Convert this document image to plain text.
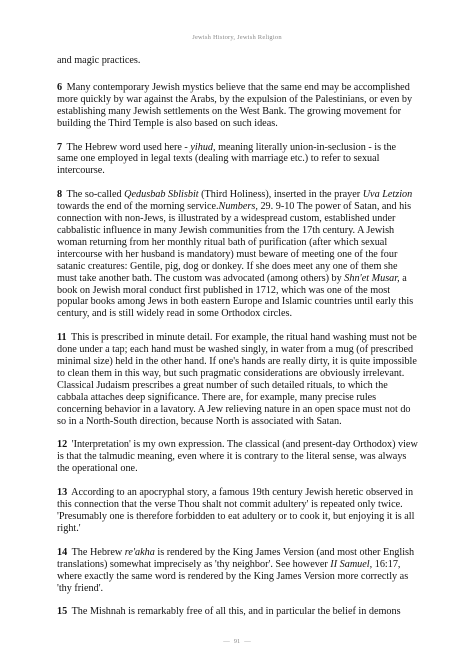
Jewish History, Jewish Religion

and magic practices.

6 Many contemporary Jewish mystics believe that the same end may be accomplished more quickly by war against the Arabs, by the expulsion of the Palestinians, or even by establishing many Jewish settlements on the West Bank. The growing movement for building the Third Temple is also based on such ideas.

7 The Hebrew word used here - yihud, meaning literally union-in-seclusion - is the same one employed in legal texts (dealing with marriage etc.) to refer to sexual intercourse.

8 The so-called Qedusbab Sblisbit (Third Holiness), inserted in the prayer Uva Letzion towards the end of the morning service.Numbers, 29. 9-10 The power of Satan, and his connection with non-Jews, is illustrated by a widespread custom, established under cabbalistic influence in many Jewish communities from the 17th century. A Jewish woman returning from her monthly ritual bath of purification (after which sexual intercourse with her husband is mandatory) must beware of meeting one of the four satanic creatures: Gentile, pig, dog or donkey. If she does meet any one of them she must take another bath. The custom was advocated (among others) by Shn'et Musar, a book on Jewish moral conduct first published in 1712, which was one of the most popular books among Jews in both eastern Europe and Islamic countries until early this century, and is still widely read in some Orthodox circles.

11 This is prescribed in minute detail. For example, the ritual hand washing must not be done under a tap; each hand must be washed singly, in water from a mug (of prescribed minimal size) held in the other hand. If one's hands are really dirty, it is quite impossible to clean them in this way, but such pragmatic considerations are obviously irrelevant. Classical Judaism prescribes a great number of such detailed rituals, to which the cabbala attaches deep significance. There are, for example, many precise rules concerning behavior in a lavatory. A Jew relieving nature in an open space must not do so in a North-South direction, because North is associated with Satan.

12 'Interpretation' is my own expression. The classical (and present-day Orthodox) view is that the talmudic meaning, even where it is contrary to the literal sense, was always the operational one.

13 According to an apocryphal story, a famous 19th century Jewish heretic observed in this connection that the verse Thou shalt not commit adultery' is repeated only twice. 'Presumably one is therefore forbidden to eat adultery or to cook it, but enjoying it is all right.'

14 The Hebrew re'akha is rendered by the King James Version (and most other English translations) somewhat imprecisely as 'thy neighbor'. See however II Samuel, 16:17, where exactly the same word is rendered by the King James Version more correctly as 'thy friend'.

15 The Mishnah is remarkably free of all this, and in particular the belief in demons

— 91 —
